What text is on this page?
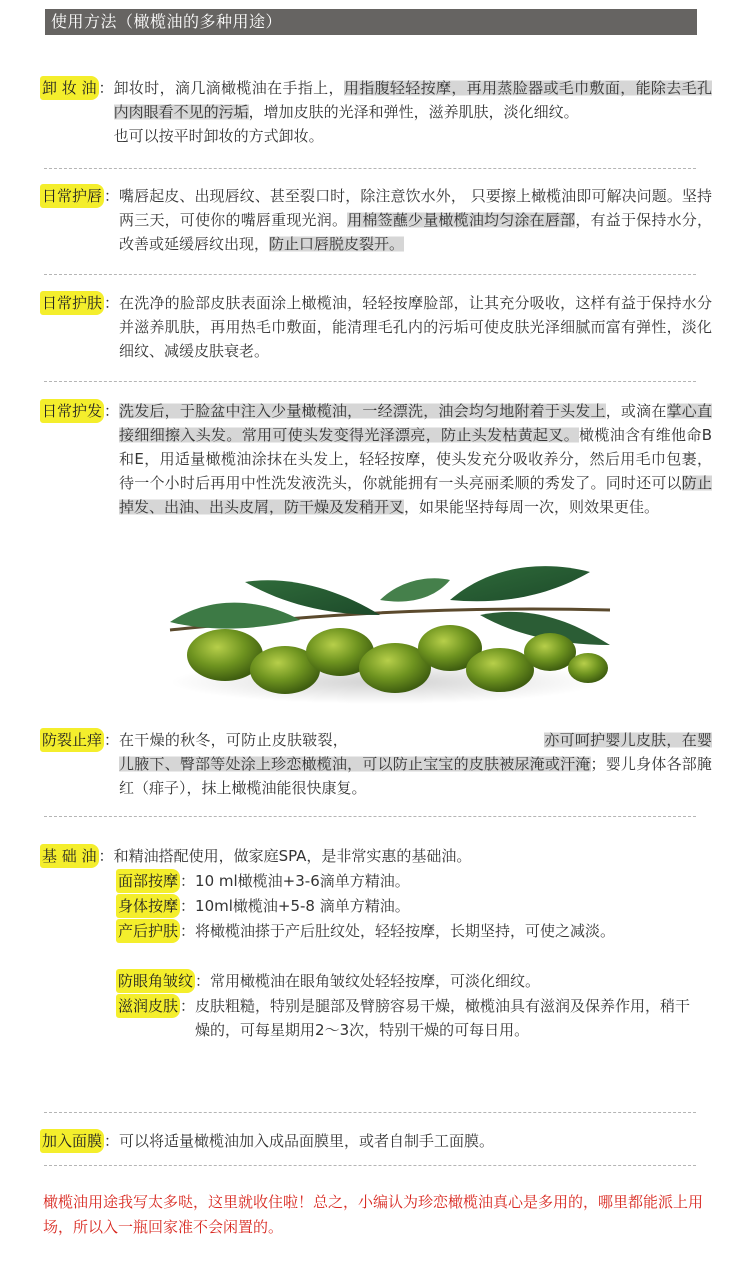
使用方法（橄榄油的多种用途）
卸 妆 油 ： 卸妆时，滴几滴橄榄油在手指上，用指腹轻轻按摩，再用蒸脸器或毛巾敷面，能除去毛孔内肉眼看不见的污垢，增加皮肤的光泽和弹性，滋养肌肤，淡化细纹。

也可以按平时卸妆的方式卸妆。

日常护唇 ： 嘴唇起皮、出现唇纹、甚至裂口时，除注意饮水外， 只要擦上橄榄油即可解决问题。坚持两三天，可使你的嘴唇重现光润。用棉签蘸少量橄榄油均匀涂在唇部，有益于保持水分，改善或延缓唇纹出现，防止口唇脱皮裂开。
日常护肤 ： 在洗净的脸部皮肤表面涂上橄榄油，轻轻按摩脸部，让其充分吸收，这样有益于保持水分并滋养肌肤，再用热毛巾敷面，能清理毛孔内的污垢可使皮肤光泽细腻而富有弹性，淡化细纹、减缓皮肤衰老。
日常护发 ： 洗发后，于脸盆中注入少量橄榄油，一经漂洗，油会均匀地附着于头发上，或滴在掌心直接细细擦入头发。常用可使头发变得光泽漂亮，防止头发枯黄起叉。橄榄油含有维他命B和E，用适量橄榄油涂抹在头发上，轻轻按摩，使头发充分吸收养分，然后用毛巾包裹，待一个小时后再用中性洗发液洗头，你就能拥有一头亮丽柔顺的秀发了。同时还可以防止掉发、出油、出头皮屑，防干燥及发稍开叉，如果能坚持每周一次，则效果更佳。
防裂止痒 ： 在干燥的秋冬，可防止皮肤皲裂，	亦可呵护婴儿皮肤，在婴儿腋下、臀部等处涂上珍恋橄榄油，可以防止宝宝的皮肤被尿淹或汗淹；婴儿身体各部腌红（痱子），抹上橄榄油能很快康复。
基 础 油 ： 和精油搭配使用，做家庭SPA，是非常实惠的基础油。
面部按摩 ： 10 ml橄榄油+3-6滴单方精油。
身体按摩 ： 10ml橄榄油+5-8 滴单方精油。
产后护肤 ： 将橄榄油搽于产后肚纹处，轻轻按摩，长期坚持，可使之减淡。
防眼角皱纹 ： 常用橄榄油在眼角皱纹处轻轻按摩，可淡化细纹。
滋润皮肤 ： 皮肤粗糙，特别是腿部及臂膀容易干燥，橄榄油具有滋润及保养作用，稍干燥的，可每星期用2～3次，特别干燥的可每日用。
加入面膜 ： 可以将适量橄榄油加入成品面膜里，或者自制手工面膜。
橄榄油用途我写太多哒，这里就收住啦！总之，小编认为珍恋橄榄油真心是多用的，哪里都能派上用场，所以入一瓶回家准不会闲置的。
